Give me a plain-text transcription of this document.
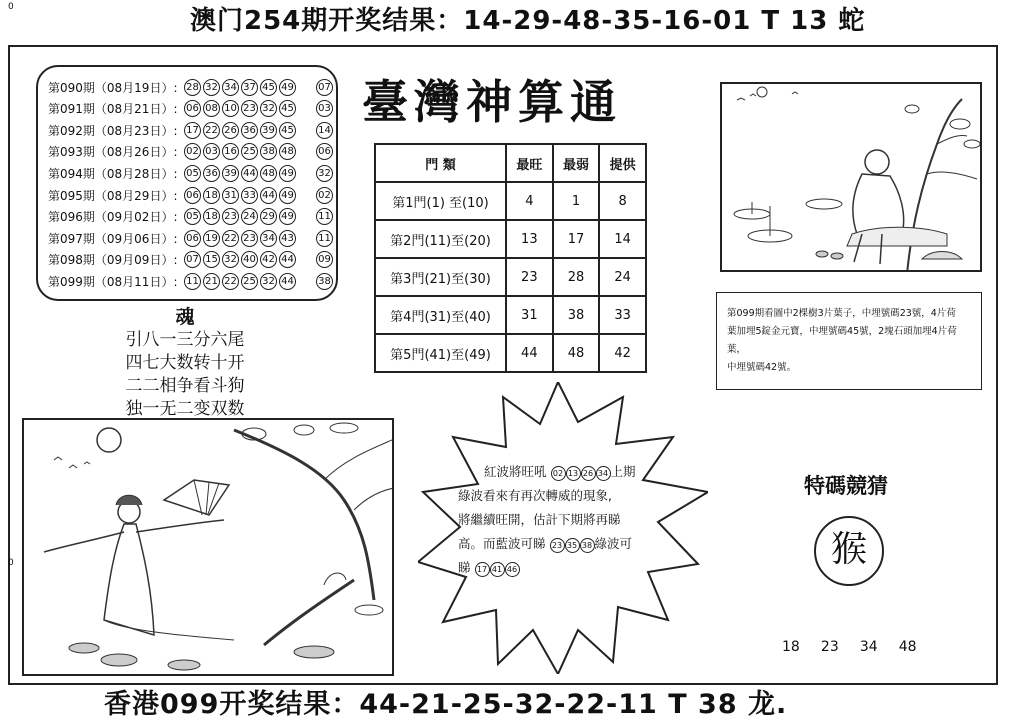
澳门254期开奖结果：14-29-48-35-16-01 T 13 蛇
0
第090期（08月19日）: 28 32 34 37 45 49 07
第091期（08月21日）: 06 08 10 23 32 45 03
第092期（08月23日）: 17 22 26 36 39 45 14
第093期（08月26日）: 02 03 16 25 38 48 06
第094期（08月28日）: 05 36 39 44 48 49 32
第095期（08月29日）: 06 18 31 33 44 49 02
第096期（09月02日）: 05 18 23 24 29 49 11
第097期（09月06日）: 06 19 22 23 34 43 11
第098期（09月09日）: 07 15 32 40 42 44 09
第099期（08月11日）: 11 21 22 25 32 44 38
臺灣神算通
門 類	最旺	最弱	提供
第1門(1) 至(10)	4	1	8
第2門(11)至(20)	13	17	14
第3門(21)至(30)	23	28	24
第4門(31)至(40)	31	38	33
第5門(41)至(49)	44	48	42
第099期看圖中2棵樹3片葉子，中埋號碼23號，4片荷
葉加埋5錠金元寶，中埋號碼45號，2塊石頭加埋4片荷葉，
中埋號碼42號。
魂
引八一三分六尾
四七大数转十开
二二相争看斗狗
独一无二变双数
紅波將旺吼 02 13 26 34 上期
綠波看來有再次轉威的現象,
將繼續旺開，估計下期將再睇
高。而藍波可睇 23 35 38 綠波可
睇 17 41 46
特碼競猜
猴
18 23 34 48
0
香港099开奖结果：44-21-25-32-22-11 T 38 龙.
